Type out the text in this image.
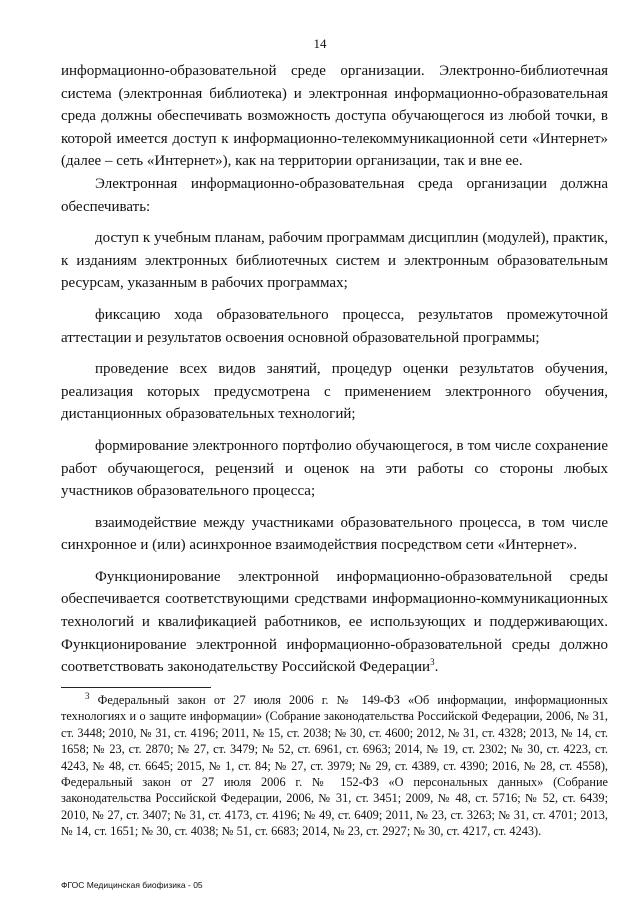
14

информационно-образовательной среде организации. Электронно-библиотечная система (электронная библиотека) и электронная информационно-образовательная среда должны обеспечивать возможность доступа обучающегося из любой точки, в которой имеется доступ к информационно-телекоммуникационной сети «Интернет» (далее – сеть «Интернет»), как на территории организации, так и вне ее.

Электронная информационно-образовательная среда организации должна обеспечивать:

доступ к учебным планам, рабочим программам дисциплин (модулей), практик, к изданиям электронных библиотечных систем и электронным образовательным ресурсам, указанным в рабочих программах;

фиксацию хода образовательного процесса, результатов промежуточной аттестации и результатов освоения основной образовательной программы;

проведение всех видов занятий, процедур оценки результатов обучения, реализация которых предусмотрена с применением электронного обучения, дистанционных образовательных технологий;

формирование электронного портфолио обучающегося, в том числе сохранение работ обучающегося, рецензий и оценок на эти работы со стороны любых участников образовательного процесса;

взаимодействие между участниками образовательного процесса, в том числе синхронное и (или) асинхронное взаимодействия посредством сети «Интернет».

Функционирование электронной информационно-образовательной среды обеспечивается соответствующими средствами информационно-коммуникационных технологий и квалификацией работников, ее использующих и поддерживающих. Функционирование электронной информационно-образовательной среды должно соответствовать законодательству Российской Федерации$^3$.

$^3$ Федеральный закон от 27 июля 2006 г. № 149-ФЗ «Об информации, информационных технологиях и о защите информации» (Собрание законодательства Российской Федерации, 2006, № 31, ст. 3448; 2010, № 31, ст. 4196; 2011, № 15, ст. 2038; № 30, ст. 4600; 2012, № 31, ст. 4328; 2013, № 14, ст. 1658; № 23, ст. 2870; № 27, ст. 3479; № 52, ст. 6961, ст. 6963; 2014, № 19, ст. 2302; № 30, ст. 4223, ст. 4243, № 48, ст. 6645; 2015, № 1, ст. 84; № 27, ст. 3979; № 29, ст. 4389, ст. 4390; 2016, № 28, ст. 4558), Федеральный закон от 27 июля 2006 г. № 152-ФЗ «О персональных данных» (Собрание законодательства Российской Федерации, 2006, № 31, ст. 3451; 2009, № 48, ст. 5716; № 52, ст. 6439; 2010, № 27, ст. 3407; № 31, ст. 4173, ст. 4196; № 49, ст. 6409; 2011, № 23, ст. 3263; № 31, ст. 4701; 2013, № 14, ст. 1651; № 30, ст. 4038; № 51, ст. 6683; 2014, № 23, ст. 2927; № 30, ст. 4217, ст. 4243).

ФГОС Медицинская биофизика - 05
